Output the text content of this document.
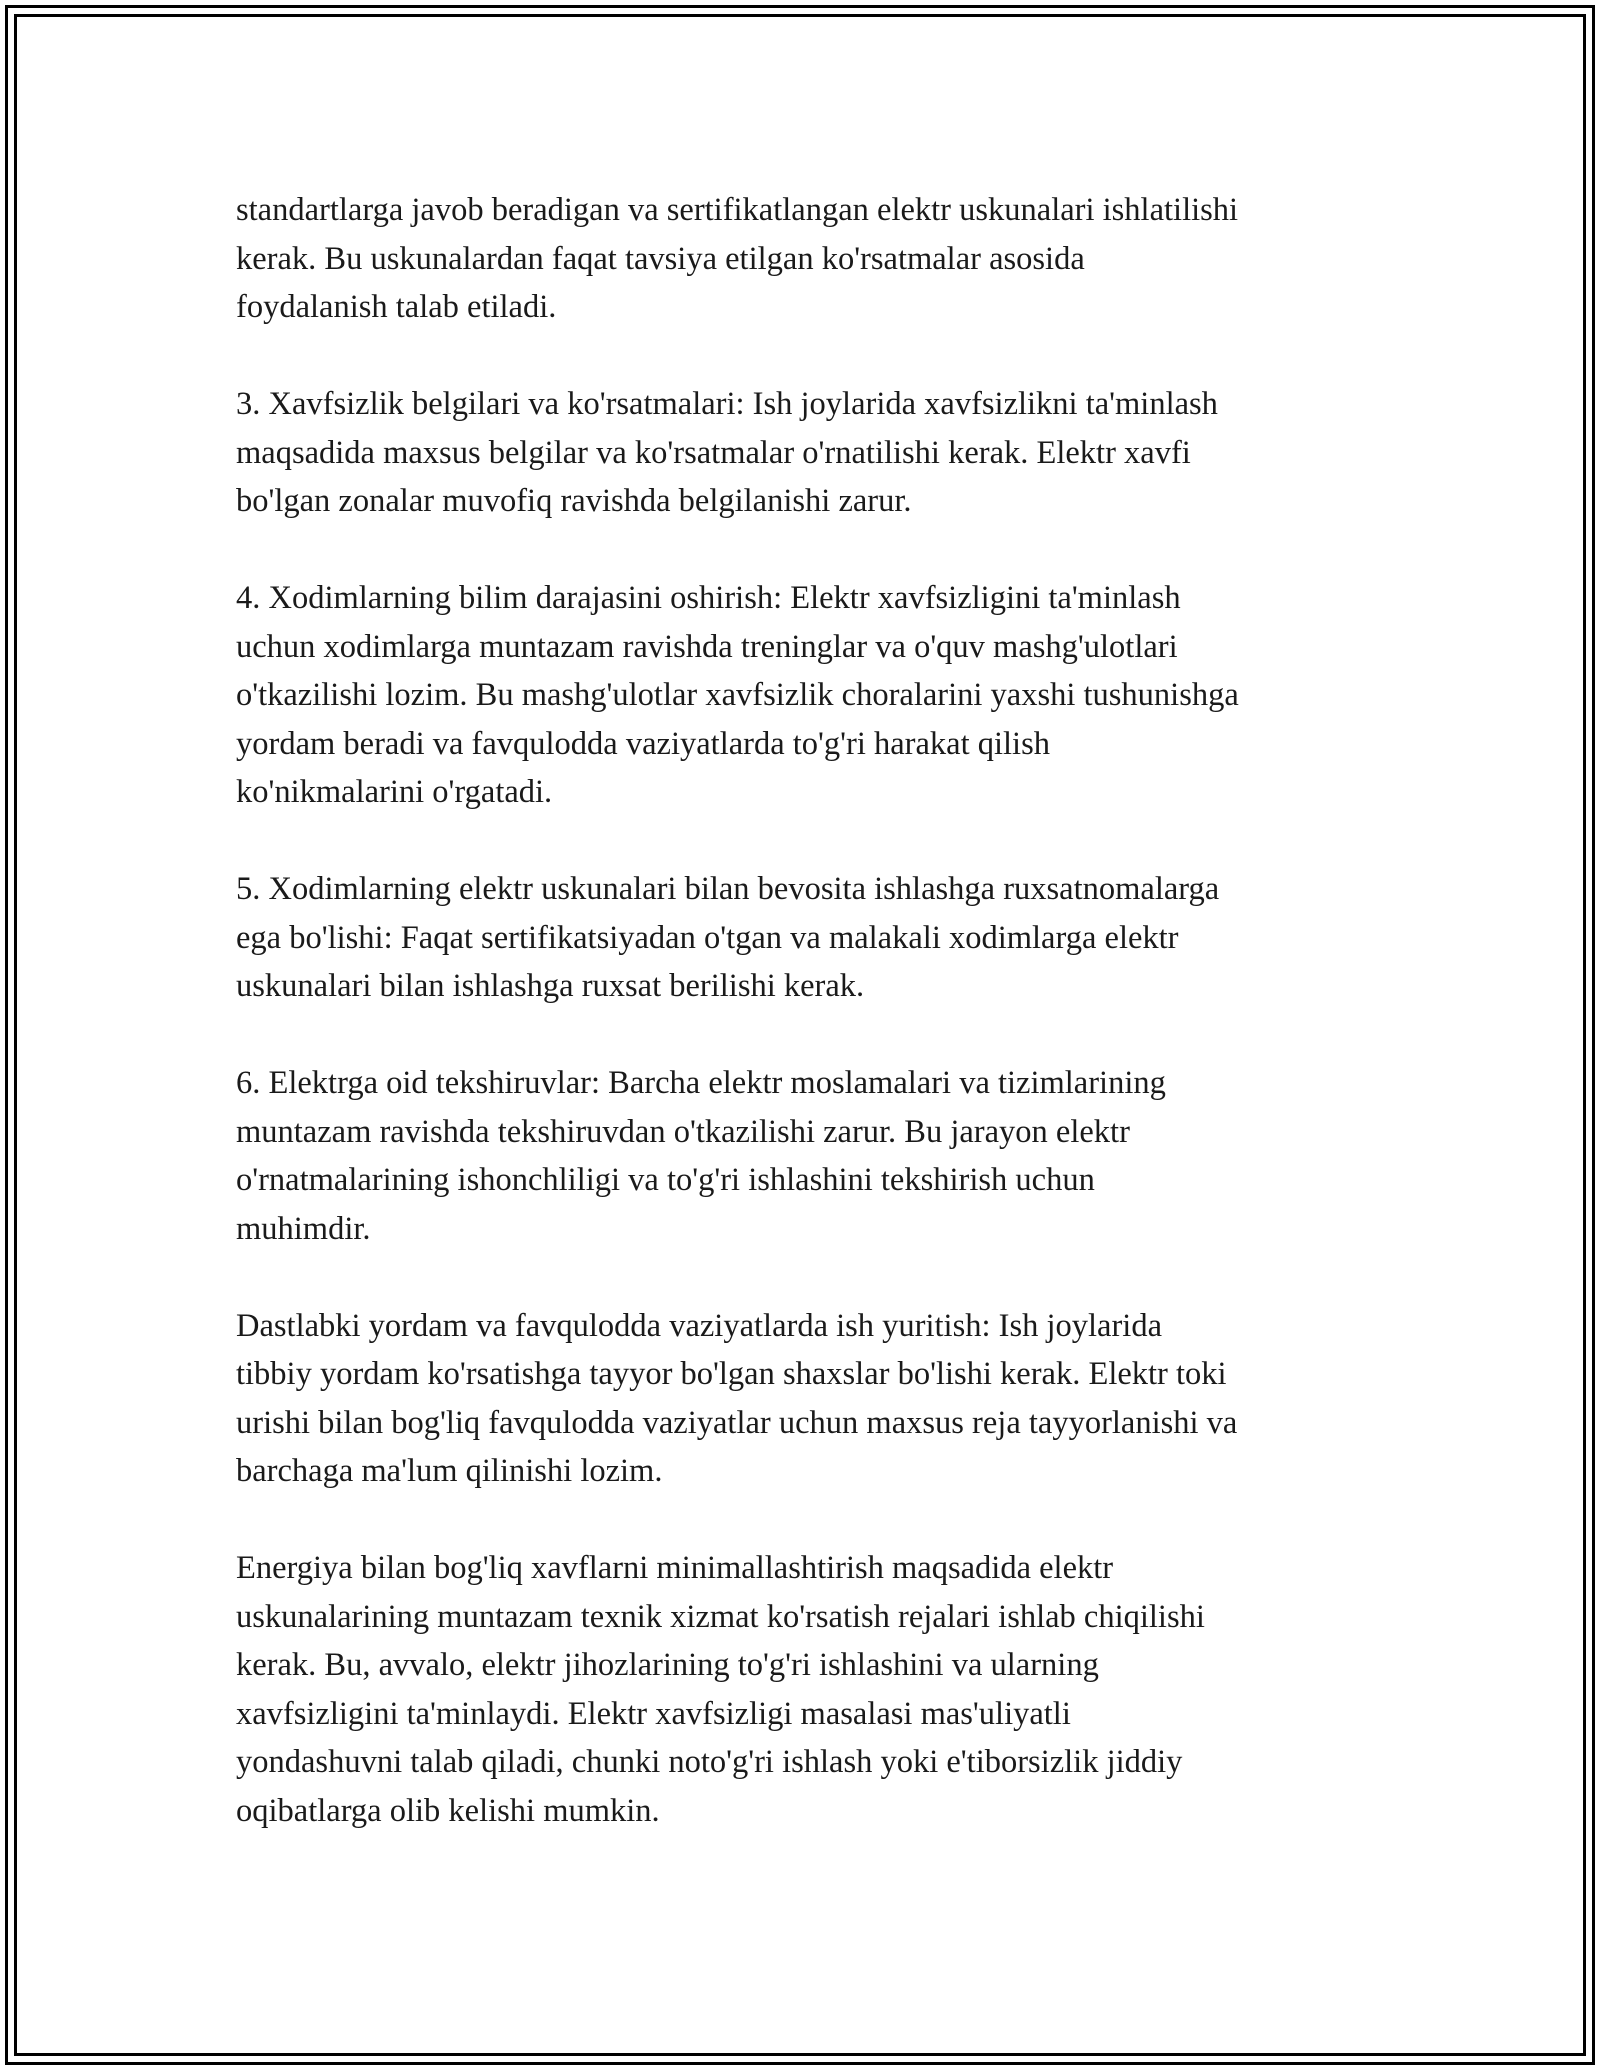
standartlarga javob beradigan va sertifikatlangan elektr uskunalari ishlatilishi
kerak. Bu uskunalardan faqat tavsiya etilgan ko'rsatmalar asosida
foydalanish talab etiladi.
3. Xavfsizlik belgilari va ko'rsatmalari: Ish joylarida xavfsizlikni ta'minlash
maqsadida maxsus belgilar va ko'rsatmalar o'rnatilishi kerak. Elektr xavfi
bo'lgan zonalar muvofiq ravishda belgilanishi zarur.
4. Xodimlarning bilim darajasini oshirish: Elektr xavfsizligini ta'minlash
uchun xodimlarga muntazam ravishda treninglar va o'quv mashg'ulotlari
o'tkazilishi lozim. Bu mashg'ulotlar xavfsizlik choralarini yaxshi tushunishga
yordam beradi va favqulodda vaziyatlarda to'g'ri harakat qilish
ko'nikmalarini o'rgatadi.
5. Xodimlarning elektr uskunalari bilan bevosita ishlashga ruxsatnomalarga
ega bo'lishi: Faqat sertifikatsiyadan o'tgan va malakali xodimlarga elektr
uskunalari bilan ishlashga ruxsat berilishi kerak.
6. Elektrga oid tekshiruvlar: Barcha elektr moslamalari va tizimlarining
muntazam ravishda tekshiruvdan o'tkazilishi zarur. Bu jarayon elektr
o'rnatmalarining ishonchliligi va to'g'ri ishlashini tekshirish uchun
muhimdir.
Dastlabki yordam va favqulodda vaziyatlarda ish yuritish: Ish joylarida
tibbiy yordam ko'rsatishga tayyor bo'lgan shaxslar bo'lishi kerak. Elektr toki
urishi bilan bog'liq favqulodda vaziyatlar uchun maxsus reja tayyorlanishi va
barchaga ma'lum qilinishi lozim.
Energiya bilan bog'liq xavflarni minimallashtirish maqsadida elektr
uskunalarining muntazam texnik xizmat ko'rsatish rejalari ishlab chiqilishi
kerak. Bu, avvalo, elektr jihozlarining to'g'ri ishlashini va ularning
xavfsizligini ta'minlaydi. Elektr xavfsizligi masalasi mas'uliyatli
yondashuvni talab qiladi, chunki noto'g'ri ishlash yoki e'tiborsizlik jiddiy
oqibatlarga olib kelishi mumkin.
